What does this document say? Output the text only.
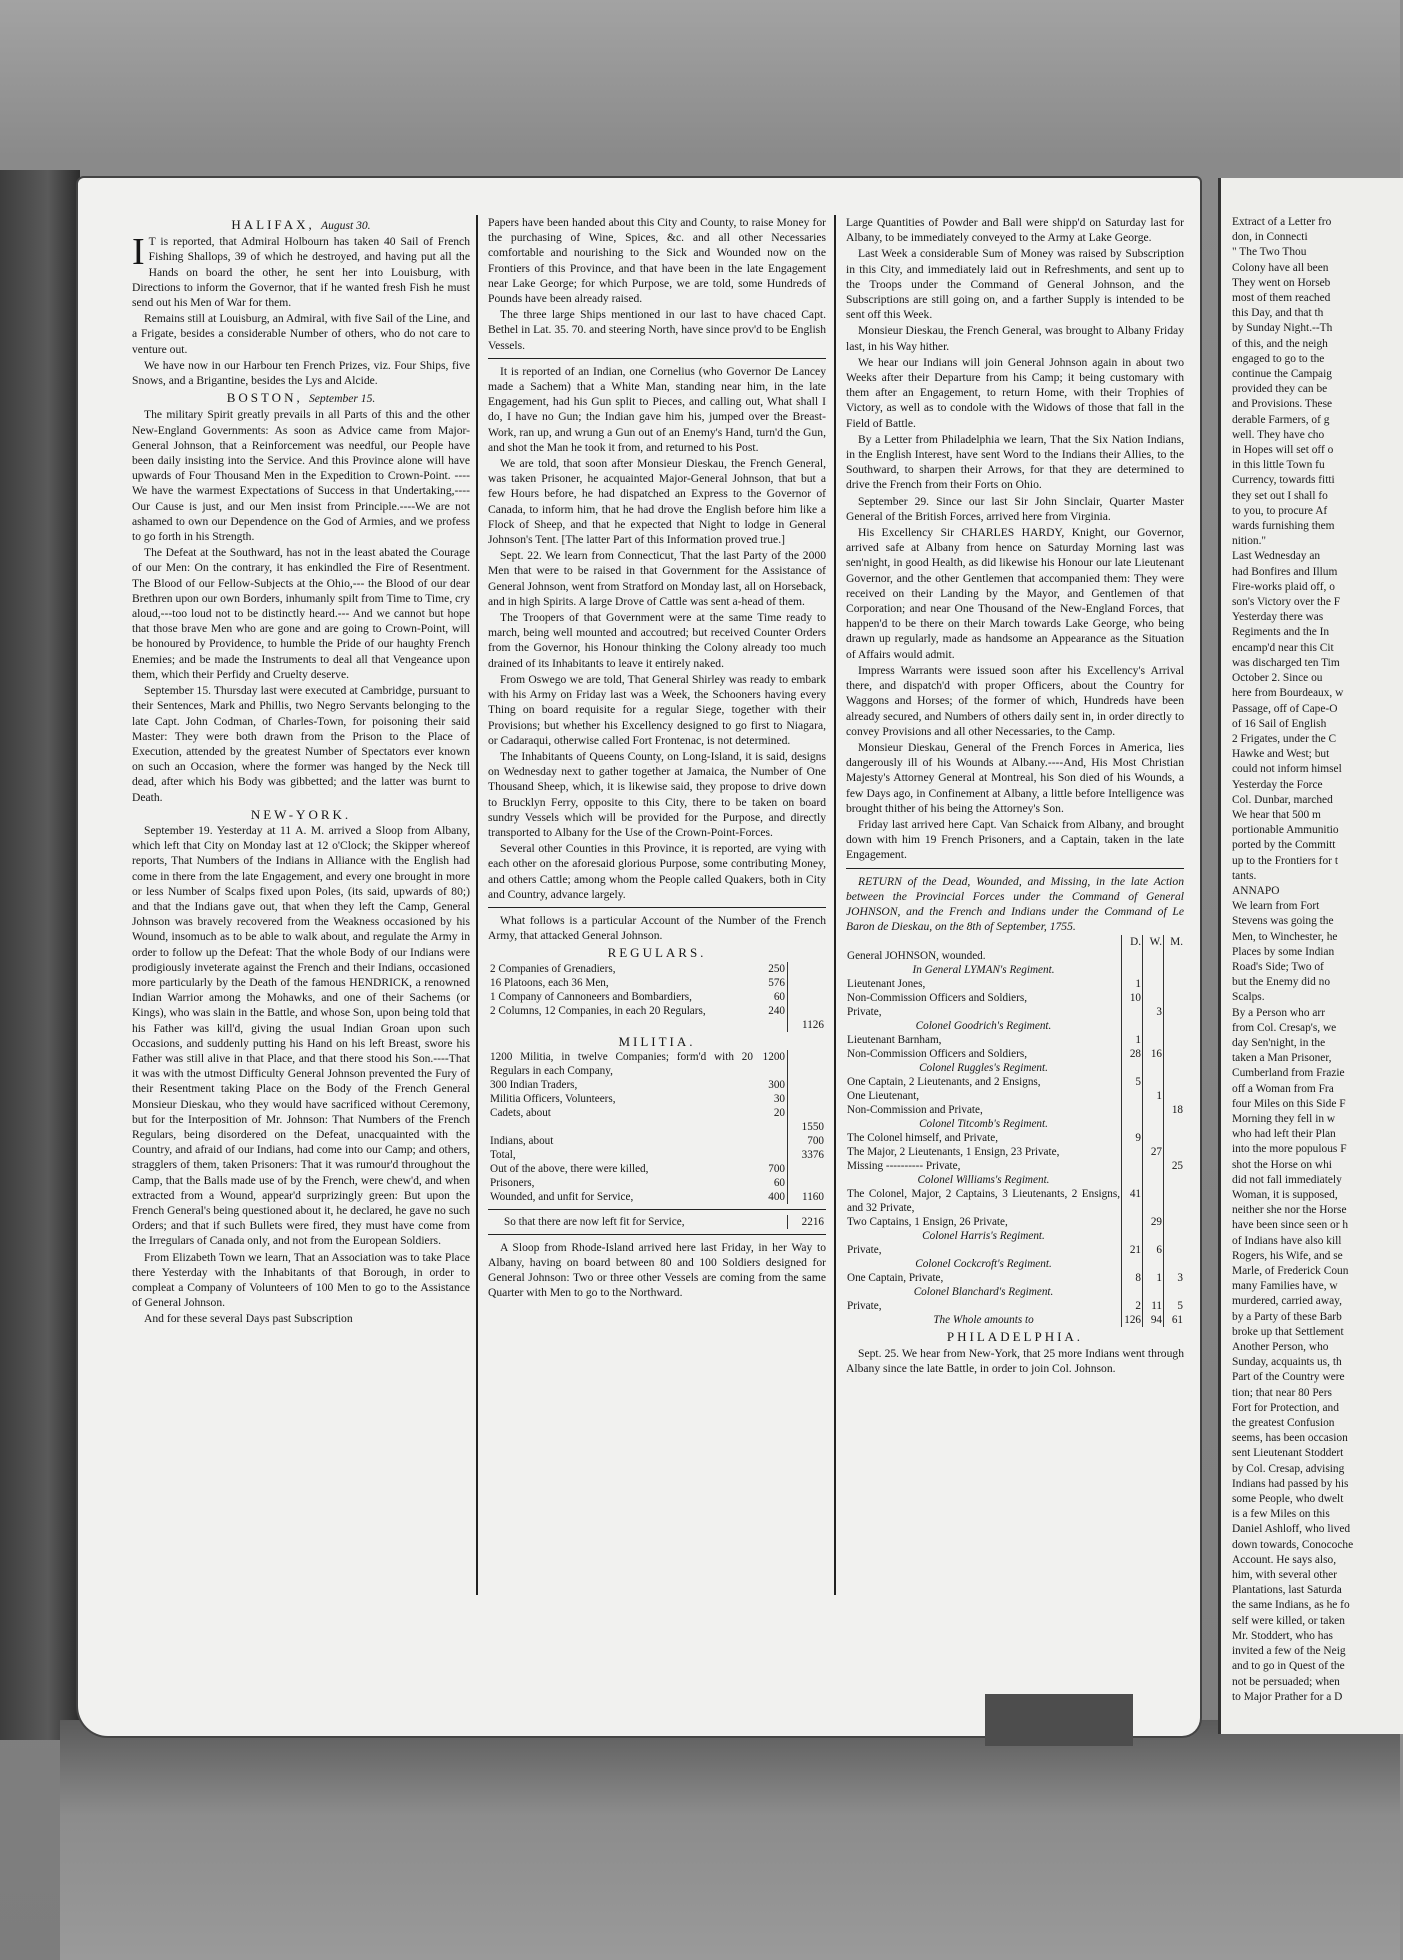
HALIFAX, August 30.

I T is reported, that Admiral Holbourn has taken 40 Sail of French Fishing Shallops, 39 of which he destroyed, and having put all the Hands on board the other, he sent her into Louisburg, with Directions to inform the Governor, that if he wanted fresh Fish he must send out his Men of War for them.

Remains still at Louisburg, an Admiral, with five Sail of the Line, and a Frigate, besides a considerable Number of others, who do not care to venture out.

We have now in our Harbour ten French Prizes, viz. Four Ships, five Snows, and a Brigantine, besides the Lys and Alcide.

BOSTON, September 15.

The military Spirit greatly prevails in all Parts of this and the other New-England Governments: As soon as Advice came from Major-General Johnson, that a Reinforcement was needful, our People have been daily insisting into the Service. And this Province alone will have upwards of Four Thousand Men in the Expedition to Crown-Point. ----We have the warmest Expectations of Success in that Undertaking,----Our Cause is just, and our Men insist from Principle.----We are not ashamed to own our Dependence on the God of Armies, and we profess to go forth in his Strength.

The Defeat at the Southward, has not in the least abated the Courage of our Men: On the contrary, it has enkindled the Fire of Resentment. The Blood of our Fellow-Subjects at the Ohio,--- the Blood of our dear Brethren upon our own Borders, inhumanly spilt from Time to Time, cry aloud,---too loud not to be distinctly heard.--- And we cannot but hope that those brave Men who are gone and are going to Crown-Point, will be honoured by Providence, to humble the Pride of our haughty French Enemies; and be made the Instruments to deal all that Vengeance upon them, which their Perfidy and Cruelty deserve.

September 15. Thursday last were executed at Cambridge, pursuant to their Sentences, Mark and Phillis, two Negro Servants belonging to the late Capt. John Codman, of Charles-Town, for poisoning their said Master: They were both drawn from the Prison to the Place of Execution, attended by the greatest Number of Spectators ever known on such an Occasion, where the former was hanged by the Neck till dead, after which his Body was gibbetted; and the latter was burnt to Death.

NEW-YORK.

September 19. Yesterday at 11 A. M. arrived a Sloop from Albany, which left that City on Monday last at 12 o'Clock; the Skipper whereof reports, That Numbers of the Indians in Alliance with the English had come in there from the late Engagement, and every one brought in more or less Number of Scalps fixed upon Poles, (its said, upwards of 80;) and that the Indians gave out, that when they left the Camp, General Johnson was bravely recovered from the Weakness occasioned by his Wound, insomuch as to be able to walk about, and regulate the Army in order to follow up the Defeat: That the whole Body of our Indians were prodigiously inveterate against the French and their Indians, occasioned more particularly by the Death of the famous HENDRICK, a renowned Indian Warrior among the Mohawks, and one of their Sachems (or Kings), who was slain in the Battle, and whose Son, upon being told that his Father was kill'd, giving the usual Indian Groan upon such Occasions, and suddenly putting his Hand on his left Breast, swore his Father was still alive in that Place, and that there stood his Son.----That it was with the utmost Difficulty General Johnson prevented the Fury of their Resentment taking Place on the Body of the French General Monsieur Dieskau, who they would have sacrificed without Ceremony, but for the Interposition of Mr. Johnson: That Numbers of the French Regulars, being disordered on the Defeat, unacquainted with the Country, and afraid of our Indians, had come into our Camp; and others, stragglers of them, taken Prisoners: That it was rumour'd throughout the Camp, that the Balls made use of by the French, were chew'd, and when extracted from a Wound, appear'd surprizingly green: But upon the French General's being questioned about it, he declared, he gave no such Orders; and that if such Bullets were fired, they must have come from the Irregulars of Canada only, and not from the European Soldiers.

From Elizabeth Town we learn, That an Association was to take Place there Yesterday with the Inhabitants of that Borough, in order to compleat a Company of Volunteers of 100 Men to go to the Assistance of General Johnson.

And for these several Days past Subscription

Papers have been handed about this City and County, to raise Money for the purchasing of Wine, Spices, &c. and all other Necessaries comfortable and nourishing to the Sick and Wounded now on the Frontiers of this Province, and that have been in the late Engagement near Lake George; for which Purpose, we are told, some Hundreds of Pounds have been already raised.

The three large Ships mentioned in our last to have chaced Capt. Bethel in Lat. 35. 70. and steering North, have since prov'd to be English Vessels.

It is reported of an Indian, one Cornelius (who Governor De Lancey made a Sachem) that a White Man, standing near him, in the late Engagement, had his Gun split to Pieces, and calling out, What shall I do, I have no Gun; the Indian gave him his, jumped over the Breast-Work, ran up, and wrung a Gun out of an Enemy's Hand, turn'd the Gun, and shot the Man he took it from, and returned to his Post.

We are told, that soon after Monsieur Dieskau, the French General, was taken Prisoner, he acquainted Major-General Johnson, that but a few Hours before, he had dispatched an Express to the Governor of Canada, to inform him, that he had drove the English before him like a Flock of Sheep, and that he expected that Night to lodge in General Johnson's Tent. [The latter Part of this Information proved true.]

Sept. 22. We learn from Connecticut, That the last Party of the 2000 Men that were to be raised in that Government for the Assistance of General Johnson, went from Stratford on Monday last, all on Horseback, and in high Spirits. A large Drove of Cattle was sent a-head of them.

The Troopers of that Government were at the same Time ready to march, being well mounted and accoutred; but received Counter Orders from the Governor, his Honour thinking the Colony already too much drained of its Inhabitants to leave it entirely naked.

From Oswego we are told, That General Shirley was ready to embark with his Army on Friday last was a Week, the Schooners having every Thing on board requisite for a regular Siege, together with their Provisions; but whether his Excellency designed to go first to Niagara, or Cadaraqui, otherwise called Fort Frontenac, is not determined.

The Inhabitants of Queens County, on Long-Island, it is said, designs on Wednesday next to gather together at Jamaica, the Number of One Thousand Sheep, which, it is likewise said, they propose to drive down to Brucklyn Ferry, opposite to this City, there to be taken on board sundry Vessels which will be provided for the Purpose, and directly transported to Albany for the Use of the Crown-Point-Forces.

Several other Counties in this Province, it is reported, are vying with each other on the aforesaid glorious Purpose, some contributing Money, and others Cattle; among whom the People called Quakers, both in City and Country, advance largely.

What follows is a particular Account of the Number of the French Army, that attacked General Johnson.

REGULARS.
2 Companies of Grenadiers,	250	
16 Platoons, each 36 Men,	576	
1 Company of Cannoneers and Bombardiers,	60	
2 Columns, 12 Companies, in each 20 Regulars,	240	
		1126
MILITIA.
1200 Militia, in twelve Companies; form'd with 20 Regulars in each Company,	1200	
300 Indian Traders,	300	
Militia Officers, Volunteers,	30	
Cadets, about	20	
		1550
Indians, about		700
Total,		3376
Out of the above, there were killed,	700	
Prisoners,	60	
Wounded, and unfit for Service,	400	1160
So that there are now left fit for Service,	2216

A Sloop from Rhode-Island arrived here last Friday, in her Way to Albany, having on board between 80 and 100 Soldiers designed for General Johnson: Two or three other Vessels are coming from the same Quarter with Men to go to the Northward.

Large Quantities of Powder and Ball were shipp'd on Saturday last for Albany, to be immediately conveyed to the Army at Lake George.

Last Week a considerable Sum of Money was raised by Subscription in this City, and immediately laid out in Refreshments, and sent up to the Troops under the Command of General Johnson, and the Subscriptions are still going on, and a farther Supply is intended to be sent off this Week.

Monsieur Dieskau, the French General, was brought to Albany Friday last, in his Way hither.

We hear our Indians will join General Johnson again in about two Weeks after their Departure from his Camp; it being customary with them after an Engagement, to return Home, with their Trophies of Victory, as well as to condole with the Widows of those that fall in the Field of Battle.

By a Letter from Philadelphia we learn, That the Six Nation Indians, in the English Interest, have sent Word to the Indians their Allies, to the Southward, to sharpen their Arrows, for that they are determined to drive the French from their Forts on Ohio.

September 29. Since our last Sir John Sinclair, Quarter Master General of the British Forces, arrived here from Virginia.

His Excellency Sir CHARLES HARDY, Knight, our Governor, arrived safe at Albany from hence on Saturday Morning last was sen'night, in good Health, as did likewise his Honour our late Lieutenant Governor, and the other Gentlemen that accompanied them: They were received on their Landing by the Mayor, and Gentlemen of that Corporation; and near One Thousand of the New-England Forces, that happen'd to be there on their March towards Lake George, who being drawn up regularly, made as handsome an Appearance as the Situation of Affairs would admit.

Impress Warrants were issued soon after his Excellency's Arrival there, and dispatch'd with proper Officers, about the Country for Waggons and Horses; of the former of which, Hundreds have been already secured, and Numbers of others daily sent in, in order directly to convey Provisions and all other Necessaries, to the Camp.

Monsieur Dieskau, General of the French Forces in America, lies dangerously ill of his Wounds at Albany.----And, His Most Christian Majesty's Attorney General at Montreal, his Son died of his Wounds, a few Days ago, in Confinement at Albany, a little before Intelligence was brought thither of his being the Attorney's Son.

Friday last arrived here Capt. Van Schaick from Albany, and brought down with him 19 French Prisoners, and a Captain, taken in the late Engagement.

RETURN of the Dead, Wounded, and Missing, in the late Action between the Provincial Forces under the Command of General JOHNSON, and the French and Indians under the Command of Le Baron de Dieskau, on the 8th of September, 1755.

	D.	W.	M.
General JOHNSON, wounded.			
In General LYMAN's Regiment.			
Lieutenant Jones,	1		
Non-Commission Officers and Soldiers,	10		
Private,		3	
Colonel Goodrich's Regiment.			
Lieutenant Barnham,	1		
Non-Commission Officers and Soldiers,	28	16	
Colonel Ruggles's Regiment.			
One Captain, 2 Lieutenants, and 2 Ensigns,	5		
One Lieutenant,		1	
Non-Commission and Private,			18
Colonel Titcomb's Regiment.			
The Colonel himself, and Private,	9		
The Major, 2 Lieutenants, 1 Ensign, 23 Private,		27	
Missing ---------- Private,			25
Colonel Williams's Regiment.			
The Colonel, Major, 2 Captains, 3 Lieutenants, 2 Ensigns, and 32 Private,	41		
Two Captains, 1 Ensign, 26 Private,		29	
Colonel Harris's Regiment.			
Private,	21	6	
Colonel Cockcroft's Regiment.			
One Captain, Private,	8	1	3
Colonel Blanchard's Regiment.			
Private,	2	11	5
The Whole amounts to	126	94	61
PHILADELPHIA.

Sept. 25. We hear from New-York, that 25 more Indians went through Albany since the late Battle, in order to join Col. Johnson.

Extract of a Letter fro

don, in Connecti

" The Two Thou

Colony have all been

They went on Horseb

most of them reached

this Day, and that th

by Sunday Night.--Th

of this, and the neigh

engaged to go to the

continue the Campaig

provided they can be

and Provisions. These

derable Farmers, of g

well. They have cho

in Hopes will set off o

in this little Town fu

Currency, towards fitti

they set out I shall fo

to you, to procure Af

wards furnishing them

nition."

Last Wednesday an

had Bonfires and Illum

Fire-works plaid off, o

son's Victory over the F

Yesterday there was

Regiments and the In

encamp'd near this Cit

was discharged ten Tim

October 2. Since ou

here from Bourdeaux, w

Passage, off of Cape-O

of 16 Sail of English

2 Frigates, under the C

Hawke and West; but

could not inform himsel

Yesterday the Force

Col. Dunbar, marched

We hear that 500 m

portionable Ammunitio

ported by the Committ

up to the Frontiers for t

tants.

ANNAPO

We learn from Fort

Stevens was going the

Men, to Winchester, he

Places by some Indian

Road's Side; Two of

but the Enemy did no

Scalps.

By a Person who arr

from Col. Cresap's, we

day Sen'night, in the

taken a Man Prisoner,

Cumberland from Frazie

off a Woman from Fra

four Miles on this Side F

Morning they fell in w

who had left their Plan

into the more populous F

shot the Horse on whi

did not fall immediately

Woman, it is supposed,

neither she nor the Horse

have been since seen or h

of Indians have also kill

Rogers, his Wife, and se

Marle, of Frederick Coun

many Families have, w

murdered, carried away,

by a Party of these Barb

broke up that Settlement

Another Person, who

Sunday, acquaints us, th

Part of the Country were

tion; that near 80 Pers

Fort for Protection, and

the greatest Confusion

seems, has been occasion

sent Lieutenant Stoddert

by Col. Cresap, advising

Indians had passed by his

some People, who dwelt

is a few Miles on this

Daniel Ashloff, who lived

down towards, Conocoche

Account. He says also,

him, with several other

Plantations, last Saturda

the same Indians, as he fo

self were killed, or taken

Mr. Stoddert, who has

invited a few of the Neig

and to go in Quest of the

not be persuaded; when

to Major Prather for a D
